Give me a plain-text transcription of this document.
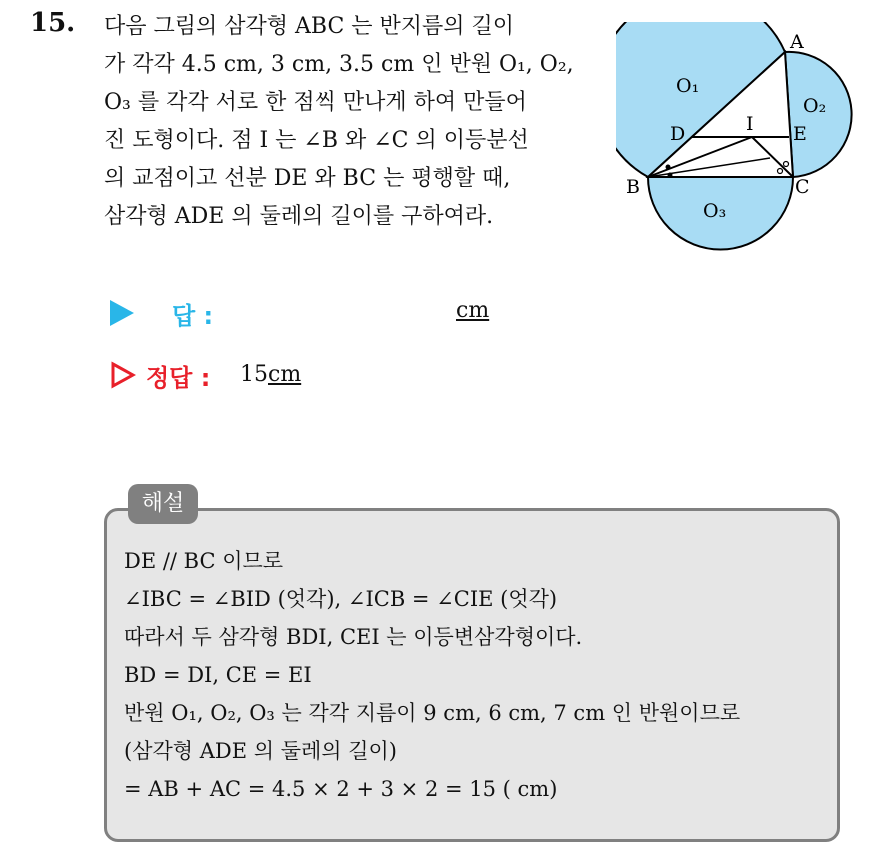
15. 다음 그림의 삼각형 ABC 는 반지름의 길이
가 각각 4.5 cm, 3 cm, 3.5 cm 인 반원 O₁, O₂,
O₃ 를 각각 서로 한 점씩 만나게 하여 만들어
진 도형이다. 점 I 는 ∠B 와 ∠C 의 이등분선
의 교점이고 선분 DE 와 BC 는 평행할 때,
삼각형 ADE 의 둘레의 길이를 구하여라.
A
B	C
D	E
I
O₁
O₂
O₃
답 :	cm
정답 : 15cm
해설
DE // BC 이므로
∠IBC = ∠BID (엇각), ∠ICB = ∠CIE (엇각)
따라서 두 삼각형 BDI, CEI 는 이등변삼각형이다.
BD = DI, CE = EI
반원 O₁, O₂, O₃ 는 각각 지름이 9 cm, 6 cm, 7 cm 인 반원이므로
(삼각형 ADE 의 둘레의 길이)
= AB + AC = 4.5 × 2 + 3 × 2 = 15 ( cm)
